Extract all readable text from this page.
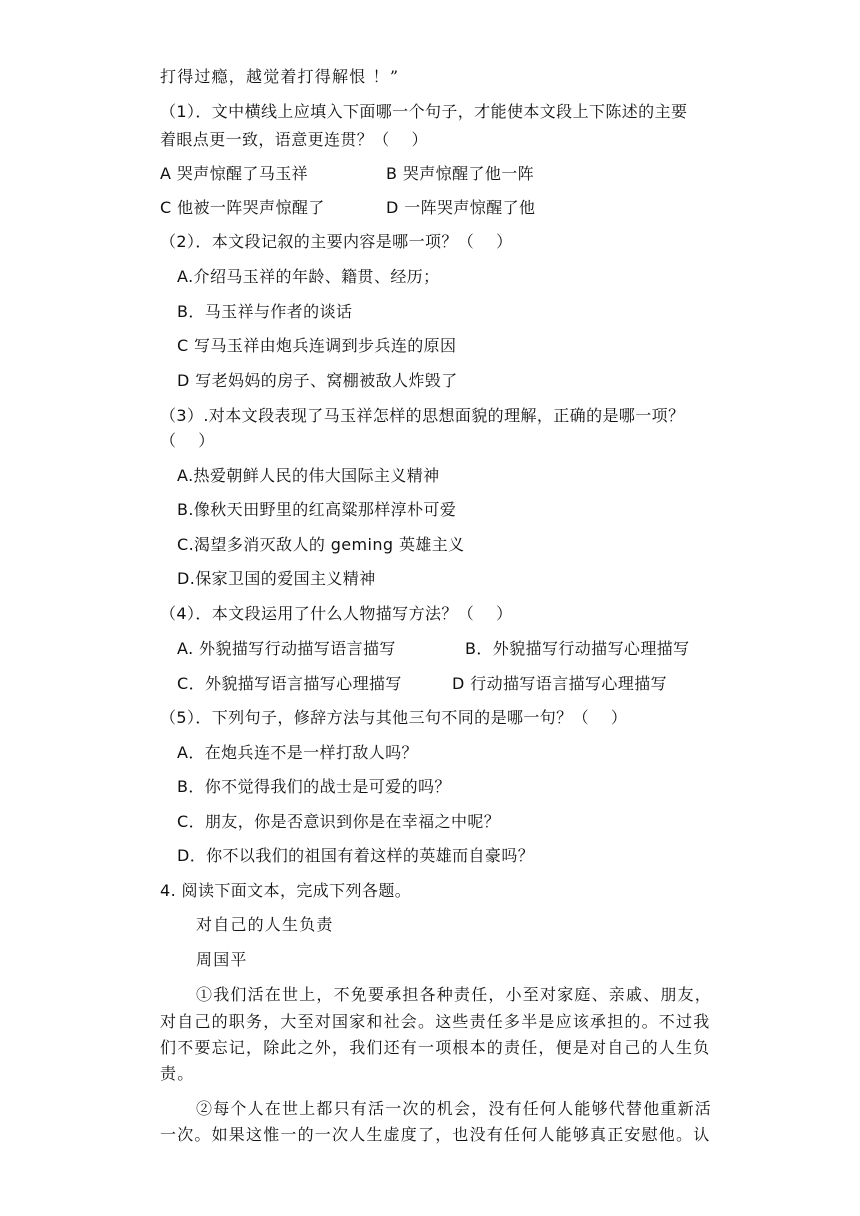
打得过瘾，越觉着打得解恨 ！”
（1）．文中横线上应填入下面哪一个句子，才能使本文段上下陈述的主要
着眼点更一致，语意更连贯？（　 ）
A 哭声惊醒了马玉祥	B 哭声惊醒了他一阵
C 他被一阵哭声惊醒了	D 一阵哭声惊醒了他
（2）．本文段记叙的主要内容是哪一项？（　 ）
A.介绍马玉祥的年龄、籍贯、经历；
B．马玉祥与作者的谈话
C 写马玉祥由炮兵连调到步兵连的原因
D 写老妈妈的房子、窝棚被敌人炸毁了
（3）.对本文段表现了马玉祥怎样的思想面貌的理解，正确的是哪一项？
（　 ）
A.热爱朝鲜人民的伟大国际主义精神
B.像秋天田野里的红高粱那样淳朴可爱
C.渴望多消灭敌人的 geming 英雄主义
D.保家卫国的爱国主义精神
（4）．本文段运用了什么人物描写方法？（　 ）
A. 外貌描写行动描写语言描写	B．外貌描写行动描写心理描写
C．外貌描写语言描写心理描写	D 行动描写语言描写心理描写
（5）．下列句子，修辞方法与其他三句不同的是哪一句？（　 ）
A．在炮兵连不是一样打敌人吗？
B．你不觉得我们的战士是可爱的吗？
C．朋友，你是否意识到你是在幸福之中呢？
D．你不以我们的祖国有着这样的英雄而自豪吗？
4. 阅读下面文本，完成下列各题。
对自己的人生负责
周国平
①我们活在世上，不免要承担各种责任，小至对家庭、亲戚、朋友，
对自己的职务，大至对国家和社会。这些责任多半是应该承担的。不过我
们不要忘记，除此之外，我们还有一项根本的责任，便是对自己的人生负
责。
②每个人在世上都只有活一次的机会，没有任何人能够代替他重新活
一次。如果这惟一的一次人生虚度了，也没有任何人能够真正安慰他。认
